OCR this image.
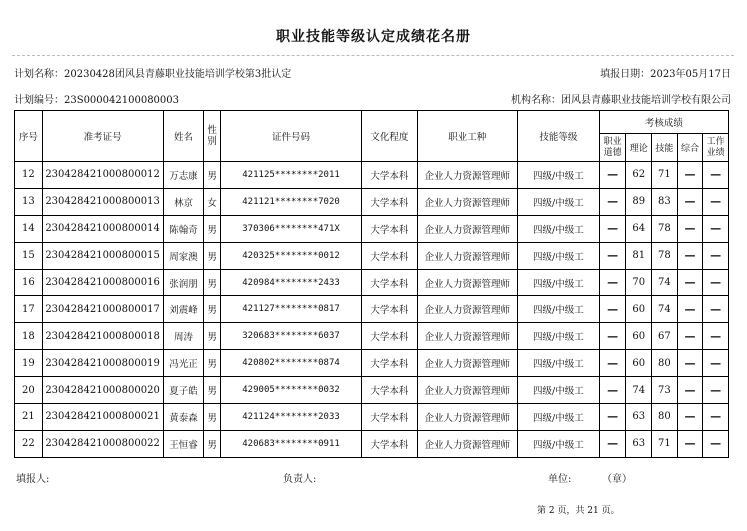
职业技能等级认定成绩花名册
计划名称：20230428团风县青藤职业技能培训学校第3批认定	填报日期：2023年05月17日
计划编号：23S000042100080003	机构名称：团风县青藤职业技能培训学校有限公司
序号	准考证号	姓名	性别	证件号码	文化程度	职业工种	技能等级	考核成绩				
								职业道德	理论	技能	综合	工作业绩
12	230428421000800012	万志康	男	421125********2011	大学本科	企业人力资源管理师	四级/中级工	—	62	71	—	—
13	230428421000800013	林京	女	421121********7020	大学本科	企业人力资源管理师	四级/中级工	—	89	83	—	—
14	230428421000800014	陈翰奇	男	370306********471X	大学本科	企业人力资源管理师	四级/中级工	—	64	78	—	—
15	230428421000800015	周家澳	男	420325********0012	大学本科	企业人力资源管理师	四级/中级工	—	81	78	—	—
16	230428421000800016	张润朋	男	420984********2433	大学本科	企业人力资源管理师	四级/中级工	—	70	74	—	—
17	230428421000800017	刘震峰	男	421127********0817	大学本科	企业人力资源管理师	四级/中级工	—	60	74	—	—
18	230428421000800018	周涛	男	320683********6037	大学本科	企业人力资源管理师	四级/中级工	—	60	67	—	—
19	230428421000800019	冯光正	男	420802********0874	大学本科	企业人力资源管理师	四级/中级工	—	60	80	—	—
20	230428421000800020	夏子皓	男	429005********0032	大学本科	企业人力资源管理师	四级/中级工	—	74	73	—	—
21	230428421000800021	黄泰森	男	421124********2033	大学本科	企业人力资源管理师	四级/中级工	—	63	80	—	—
22	230428421000800022	王恒睿	男	420683********0911	大学本科	企业人力资源管理师	四级/中级工	—	63	71	—	—
填报人:	负责人:	单位:	（章）
第 2 页，共 21 页。
